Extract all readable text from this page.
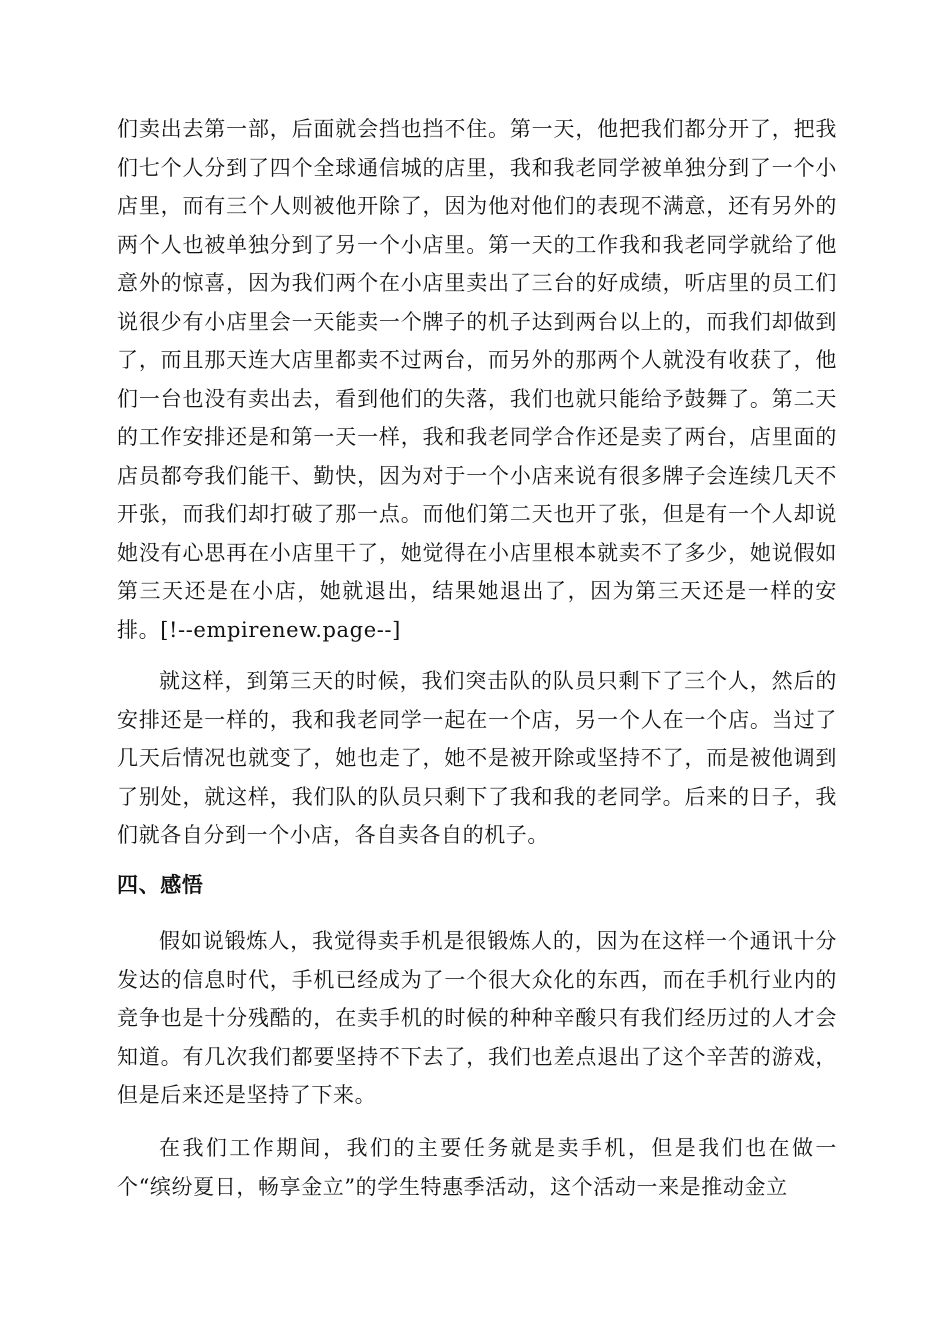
们卖出去第一部，后面就会挡也挡不住。第一天，他把我们都分开了，把我们七个人分到了四个全球通信城的店里，我和我老同学被单独分到了一个小店里，而有三个人则被他开除了，因为他对他们的表现不满意，还有另外的两个人也被单独分到了另一个小店里。第一天的工作我和我老同学就给了他意外的惊喜，因为我们两个在小店里卖出了三台的好成绩，听店里的员工们说很少有小店里会一天能卖一个牌子的机子达到两台以上的，而我们却做到了，而且那天连大店里都卖不过两台，而另外的那两个人就没有收获了，他们一台也没有卖出去，看到他们的失落，我们也就只能给予鼓舞了。第二天的工作安排还是和第一天一样，我和我老同学合作还是卖了两台，店里面的店员都夸我们能干、勤快，因为对于一个小店来说有很多牌子会连续几天不开张，而我们却打破了那一点。而他们第二天也开了张，但是有一个人却说她没有心思再在小店里干了，她觉得在小店里根本就卖不了多少，她说假如第三天还是在小店，她就退出，结果她退出了，因为第三天还是一样的安排。[!--empirenew.page--]

就这样，到第三天的时候，我们突击队的队员只剩下了三个人，然后的安排还是一样的，我和我老同学一起在一个店，另一个人在一个店。当过了几天后情况也就变了，她也走了，她不是被开除或坚持不了，而是被他调到了别处，就这样，我们队的队员只剩下了我和我的老同学。后来的日子，我们就各自分到一个小店，各自卖各自的机子。

四、感悟

假如说锻炼人，我觉得卖手机是很锻炼人的，因为在这样一个通讯十分发达的信息时代，手机已经成为了一个很大众化的东西，而在手机行业内的竞争也是十分残酷的，在卖手机的时候的种种辛酸只有我们经历过的人才会知道。有几次我们都要坚持不下去了，我们也差点退出了这个辛苦的游戏，但是后来还是坚持了下来。

在我们工作期间，我们的主要任务就是卖手机，但是我们也在做一个“缤纷夏日，畅享金立”的学生特惠季活动，这个活动一来是推动金立
